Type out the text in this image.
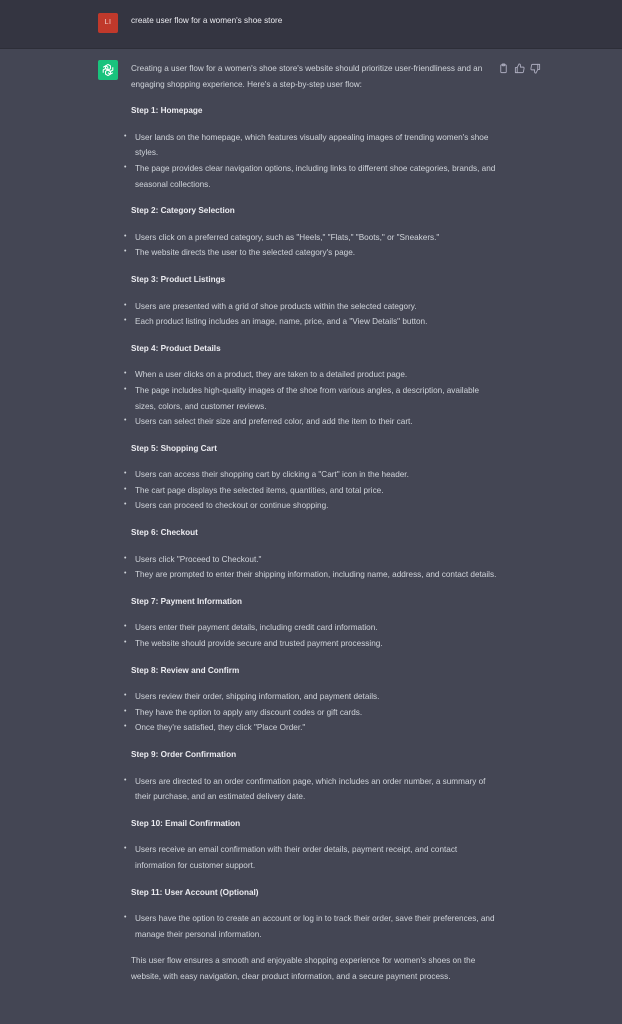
LI	create user flow for a women's shoe store

Creating a user flow for a women's shoe store's website should prioritize user-friendliness and an engaging shopping experience. Here's a step-by-step user flow:

Step 1: Homepage
• User lands on the homepage, which features visually appealing images of trending women's shoe styles.
• The page provides clear navigation options, including links to different shoe categories, brands, and seasonal collections.
Step 2: Category Selection
• Users click on a preferred category, such as "Heels," "Flats," "Boots," or "Sneakers."
• The website directs the user to the selected category's page.
Step 3: Product Listings
• Users are presented with a grid of shoe products within the selected category.
• Each product listing includes an image, name, price, and a "View Details" button.
Step 4: Product Details
• When a user clicks on a product, they are taken to a detailed product page.
• The page includes high-quality images of the shoe from various angles, a description, available sizes, colors, and customer reviews.
• Users can select their size and preferred color, and add the item to their cart.
Step 5: Shopping Cart
• Users can access their shopping cart by clicking a "Cart" icon in the header.
• The cart page displays the selected items, quantities, and total price.
• Users can proceed to checkout or continue shopping.
Step 6: Checkout
• Users click "Proceed to Checkout."
• They are prompted to enter their shipping information, including name, address, and contact details.
Step 7: Payment Information
• Users enter their payment details, including credit card information.
• The website should provide secure and trusted payment processing.
Step 8: Review and Confirm
• Users review their order, shipping information, and payment details.
• They have the option to apply any discount codes or gift cards.
• Once they're satisfied, they click "Place Order."
Step 9: Order Confirmation
• Users are directed to an order confirmation page, which includes an order number, a summary of their purchase, and an estimated delivery date.
Step 10: Email Confirmation
• Users receive an email confirmation with their order details, payment receipt, and contact information for customer support.
Step 11: User Account (Optional)
• Users have the option to create an account or log in to track their order, save their preferences, and manage their personal information.

This user flow ensures a smooth and enjoyable shopping experience for women's shoes on the website, with easy navigation, clear product information, and a secure payment process.
